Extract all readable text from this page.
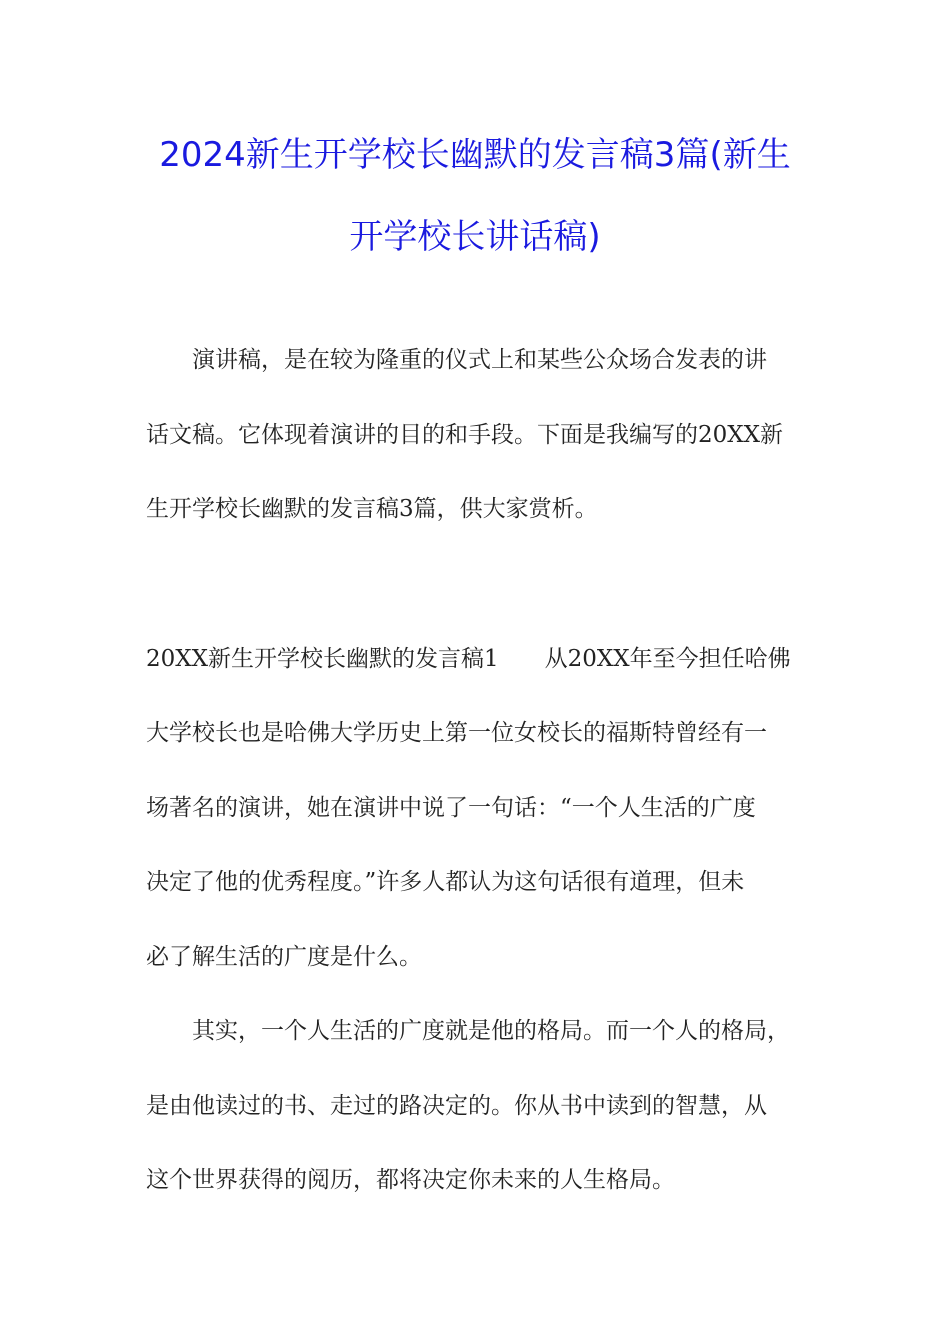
2024新生开学校长幽默的发言稿3篇(新生
开学校长讲话稿)
　　演讲稿，是在较为隆重的仪式上和某些公众场合发表的讲
话文稿。它体现着演讲的目的和手段。下面是我编写的20XX新
生开学校长幽默的发言稿3篇，供大家赏析。
20XX新生开学校长幽默的发言稿1　　从20XX年至今担任哈佛
大学校长也是哈佛大学历史上第一位女校长的福斯特曾经有一
场著名的演讲，她在演讲中说了一句话：“一个人生活的广度
决定了他的优秀程度。”许多人都认为这句话很有道理，但未
必了解生活的广度是什么。
　　其实，一个人生活的广度就是他的格局。而一个人的格局，
是由他读过的书、走过的路决定的。你从书中读到的智慧，从
这个世界获得的阅历，都将决定你未来的人生格局。
